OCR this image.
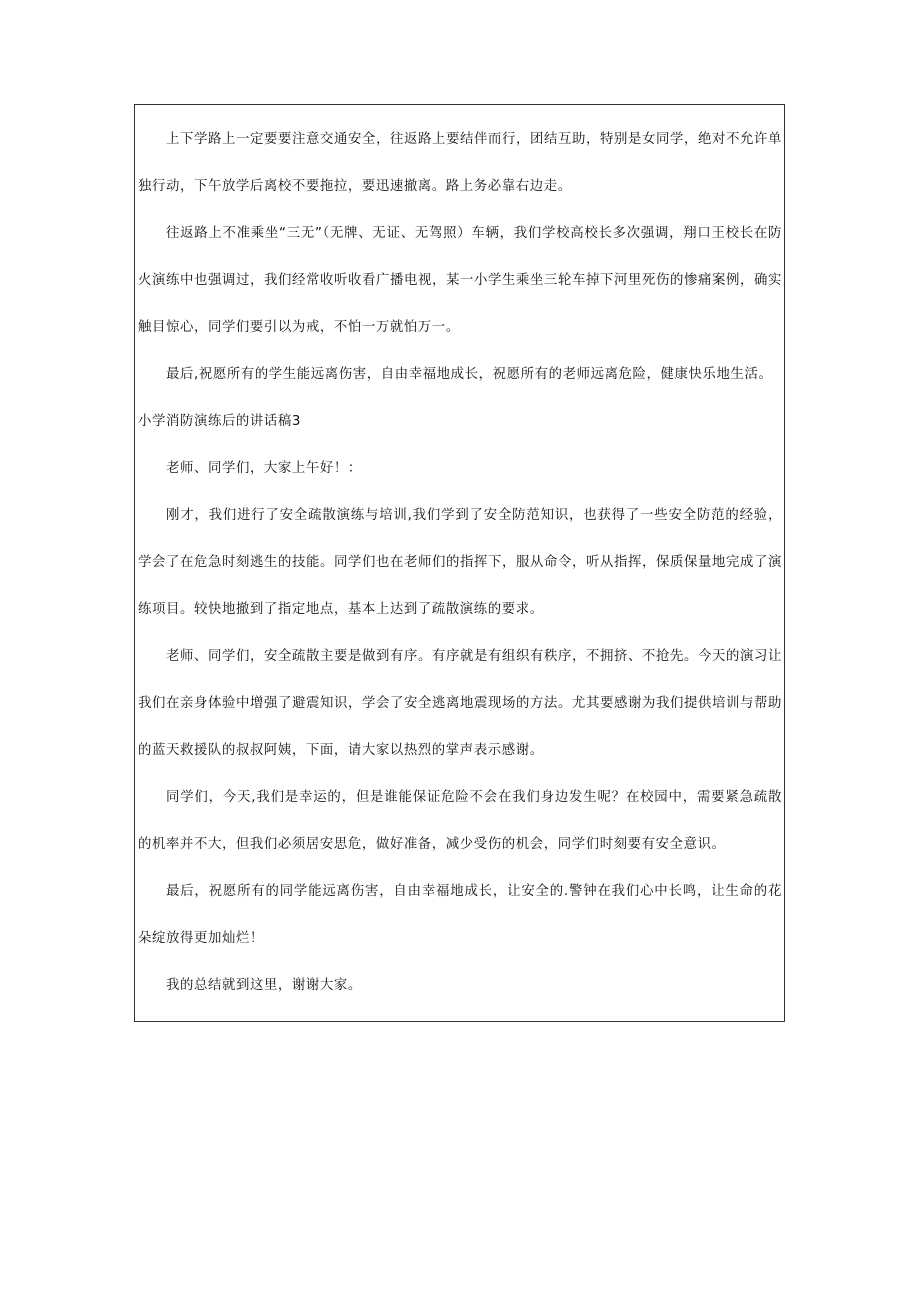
上下学路上一定要要注意交通安全，往返路上要结伴而行，团结互助，特别是女同学，绝对不允许单独行动，下午放学后离校不要拖拉，要迅速撤离。路上务必靠右边走。

往返路上不准乘坐“三无”（无牌、无证、无驾照）车辆，我们学校高校长多次强调，翔口王校长在防火演练中也强调过，我们经常收听收看广播电视，某一小学生乘坐三轮车掉下河里死伤的惨痛案例，确实触目惊心，同学们要引以为戒，不怕一万就怕万一。

最后,祝愿所有的学生能远离伤害，自由幸福地成长，祝愿所有的老师远离危险，健康快乐地生活。

小学消防演练后的讲话稿3

老师、同学们，大家上午好！：

刚才，我们进行了安全疏散演练与培训,我们学到了安全防范知识，也获得了一些安全防范的经验，学会了在危急时刻逃生的技能。同学们也在老师们的指挥下，服从命令，听从指挥，保质保量地完成了演练项目。较快地撤到了指定地点，基本上达到了疏散演练的要求。

老师、同学们，安全疏散主要是做到有序。有序就是有组织有秩序，不拥挤、不抢先。今天的演习让我们在亲身体验中增强了避震知识，学会了安全逃离地震现场的方法。尤其要感谢为我们提供培训与帮助的蓝天救援队的叔叔阿姨，下面，请大家以热烈的掌声表示感谢。

同学们，今天,我们是幸运的，但是谁能保证危险不会在我们身边发生呢？在校园中，需要紧急疏散的机率并不大，但我们必须居安思危，做好准备，减少受伤的机会，同学们时刻要有安全意识。

最后，祝愿所有的同学能远离伤害，自由幸福地成长，让安全的.警钟在我们心中长鸣，让生命的花朵绽放得更加灿烂！

我的总结就到这里，谢谢大家。
